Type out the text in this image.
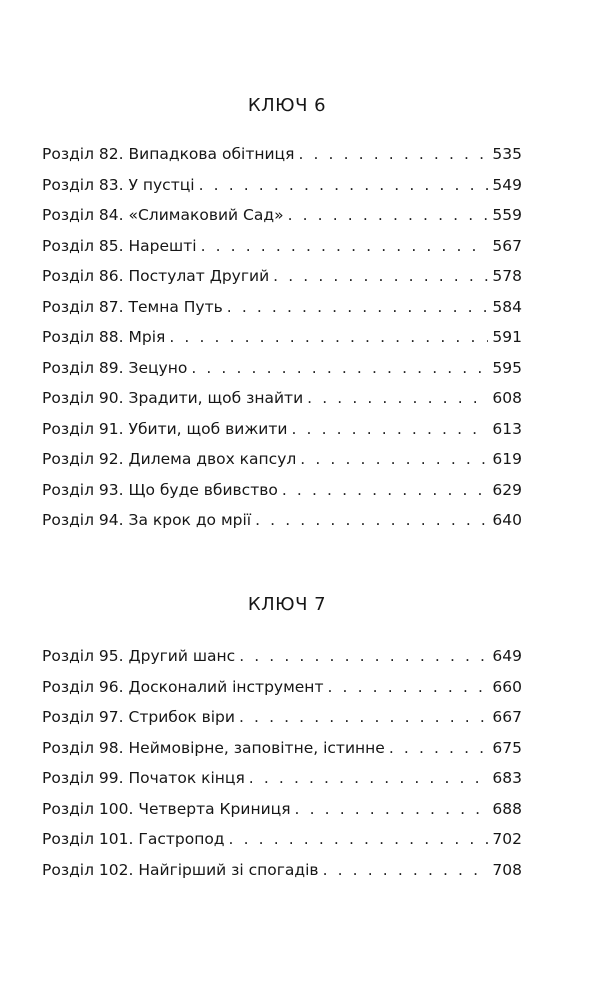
КЛЮЧ 6
Розділ 82. Випадкова обітниця . . .	535
Розділ 83. У пустці . . .	549
Розділ 84. «Слимаковий Сад» . . .	559
Розділ 85. Нарешті . . .	567
Розділ 86. Постулат Другий . . .	578
Розділ 87. Темна Путь . . .	584
Розділ 88. Мрія . . .	591
Розділ 89. Зецуно . . .	595
Розділ 90. Зрадити, щоб знайти . . .	608
Розділ 91. Убити, щоб вижити . . .	613
Розділ 92. Дилема двох капсул . . .	619
Розділ 93. Що буде вбивство . . .	629
Розділ 94. За крок до мрії . . .	640
КЛЮЧ 7
Розділ 95. Другий шанс . . .	649
Розділ 96. Досконалий інструмент . . .	660
Розділ 97. Стрибок віри . . .	667
Розділ 98. Неймовірне, заповітне, істинне . . .	675
Розділ 99. Початок кінця . . .	683
Розділ 100. Четверта Криниця . . .	688
Розділ 101. Гастропод . . .	702
Розділ 102. Найгірший зі спогадів . . .	708
